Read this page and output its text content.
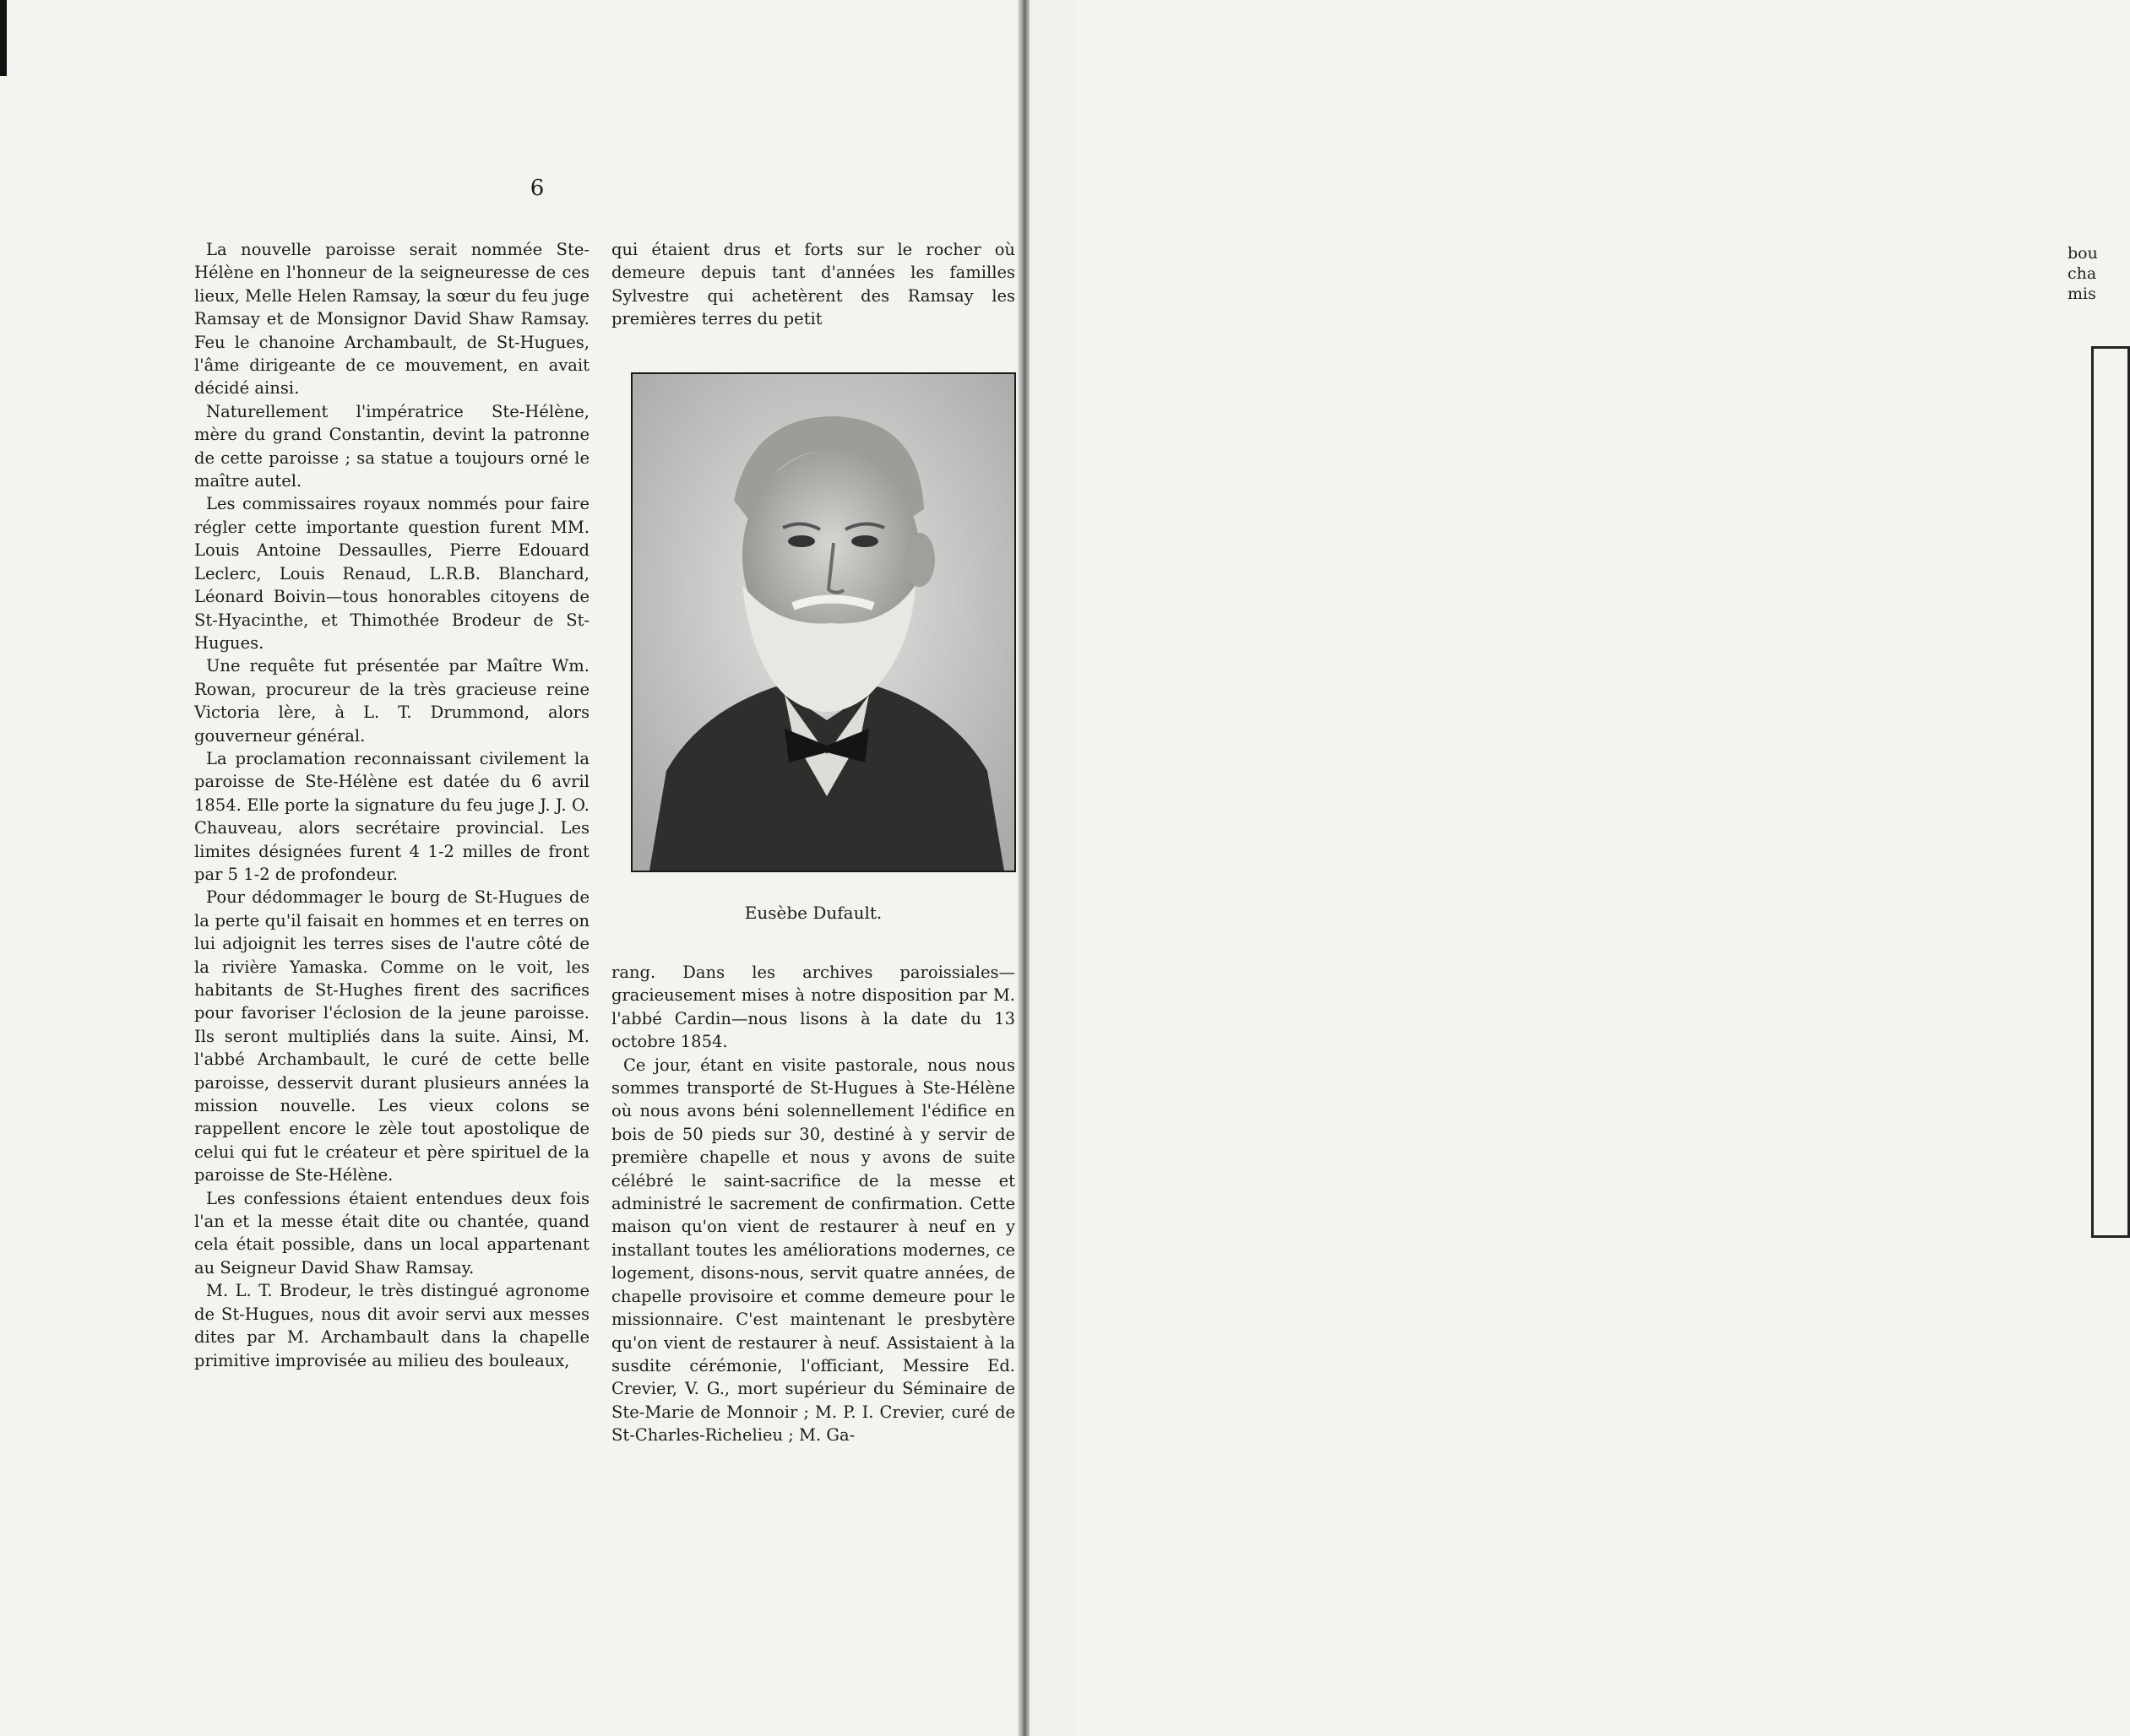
bou
cha
mis
6

La nouvelle paroisse serait nommée Ste-Hélène en l'honneur de la seigneuresse de ces lieux, Melle Helen Ramsay, la sœur du feu juge Ramsay et de Monsignor David Shaw Ramsay. Feu le chanoine Archambault, de St-Hugues, l'âme dirigeante de ce mouvement, en avait décidé ainsi.

Naturellement l'impératrice Ste-Hélène, mère du grand Constantin, devint la patronne de cette paroisse ; sa statue a toujours orné le maître autel.

Les commissaires royaux nommés pour faire régler cette importante question furent MM. Louis Antoine Dessaulles, Pierre Edouard Leclerc, Louis Renaud, L.R.B. Blanchard, Léonard Boivin—tous honorables citoyens de St-Hyacinthe, et Thimothée Brodeur de St-Hugues.

Une requête fut présentée par Maître Wm. Rowan, procureur de la très gracieuse reine Victoria lère, à L. T. Drummond, alors gouverneur général.

La proclamation reconnaissant civilement la paroisse de Ste-Hélène est datée du 6 avril 1854. Elle porte la signature du feu juge J. J. O. Chauveau, alors secrétaire provincial. Les limites désignées furent 4 1-2 milles de front par 5 1-2 de profondeur.

Pour dédommager le bourg de St-Hugues de la perte qu'il faisait en hommes et en terres on lui adjoignit les terres sises de l'autre côté de la rivière Yamaska. Comme on le voit, les habitants de St-Hughes firent des sacrifices pour favoriser l'éclosion de la jeune paroisse. Ils seront multipliés dans la suite. Ainsi, M. l'abbé Archambault, le curé de cette belle paroisse, desservit durant plusieurs années la mission nouvelle. Les vieux colons se rappellent encore le zèle tout apostolique de celui qui fut le créateur et père spirituel de la paroisse de Ste-Hélène.

Les confessions étaient entendues deux fois l'an et la messe était dite ou chantée, quand cela était possible, dans un local appartenant au Seigneur David Shaw Ramsay.

M. L. T. Brodeur, le très distingué agronome de St-Hugues, nous dit avoir servi aux messes dites par M. Archambault dans la chapelle primitive improvisée au milieu des bouleaux,

qui étaient drus et forts sur le rocher où demeure depuis tant d'années les familles Sylvestre qui achetèrent des Ramsay les premières terres du petit

Eusèbe Dufault.

rang. Dans les archives paroissiales—gracieusement mises à notre disposition par M. l'abbé Cardin—nous lisons à la date du 13 octobre 1854.

Ce jour, étant en visite pastorale, nous nous sommes transporté de St-Hugues à Ste-Hélène où nous avons béni solennellement l'édifice en bois de 50 pieds sur 30, destiné à y servir de première chapelle et nous y avons de suite célébré le saint-sacrifice de la messe et administré le sacrement de confirmation. Cette maison qu'on vient de restaurer à neuf en y installant toutes les améliorations modernes, ce logement, disons-nous, servit quatre années, de chapelle provisoire et comme demeure pour le missionnaire. C'est maintenant le presbytère qu'on vient de restaurer à neuf. Assistaient à la susdite cérémonie, l'officiant, Messire Ed. Crevier, V. G., mort supérieur du Séminaire de Ste-Marie de Monnoir ; M. P. I. Crevier, curé de St-Charles-Richelieu ; M. Ga-
